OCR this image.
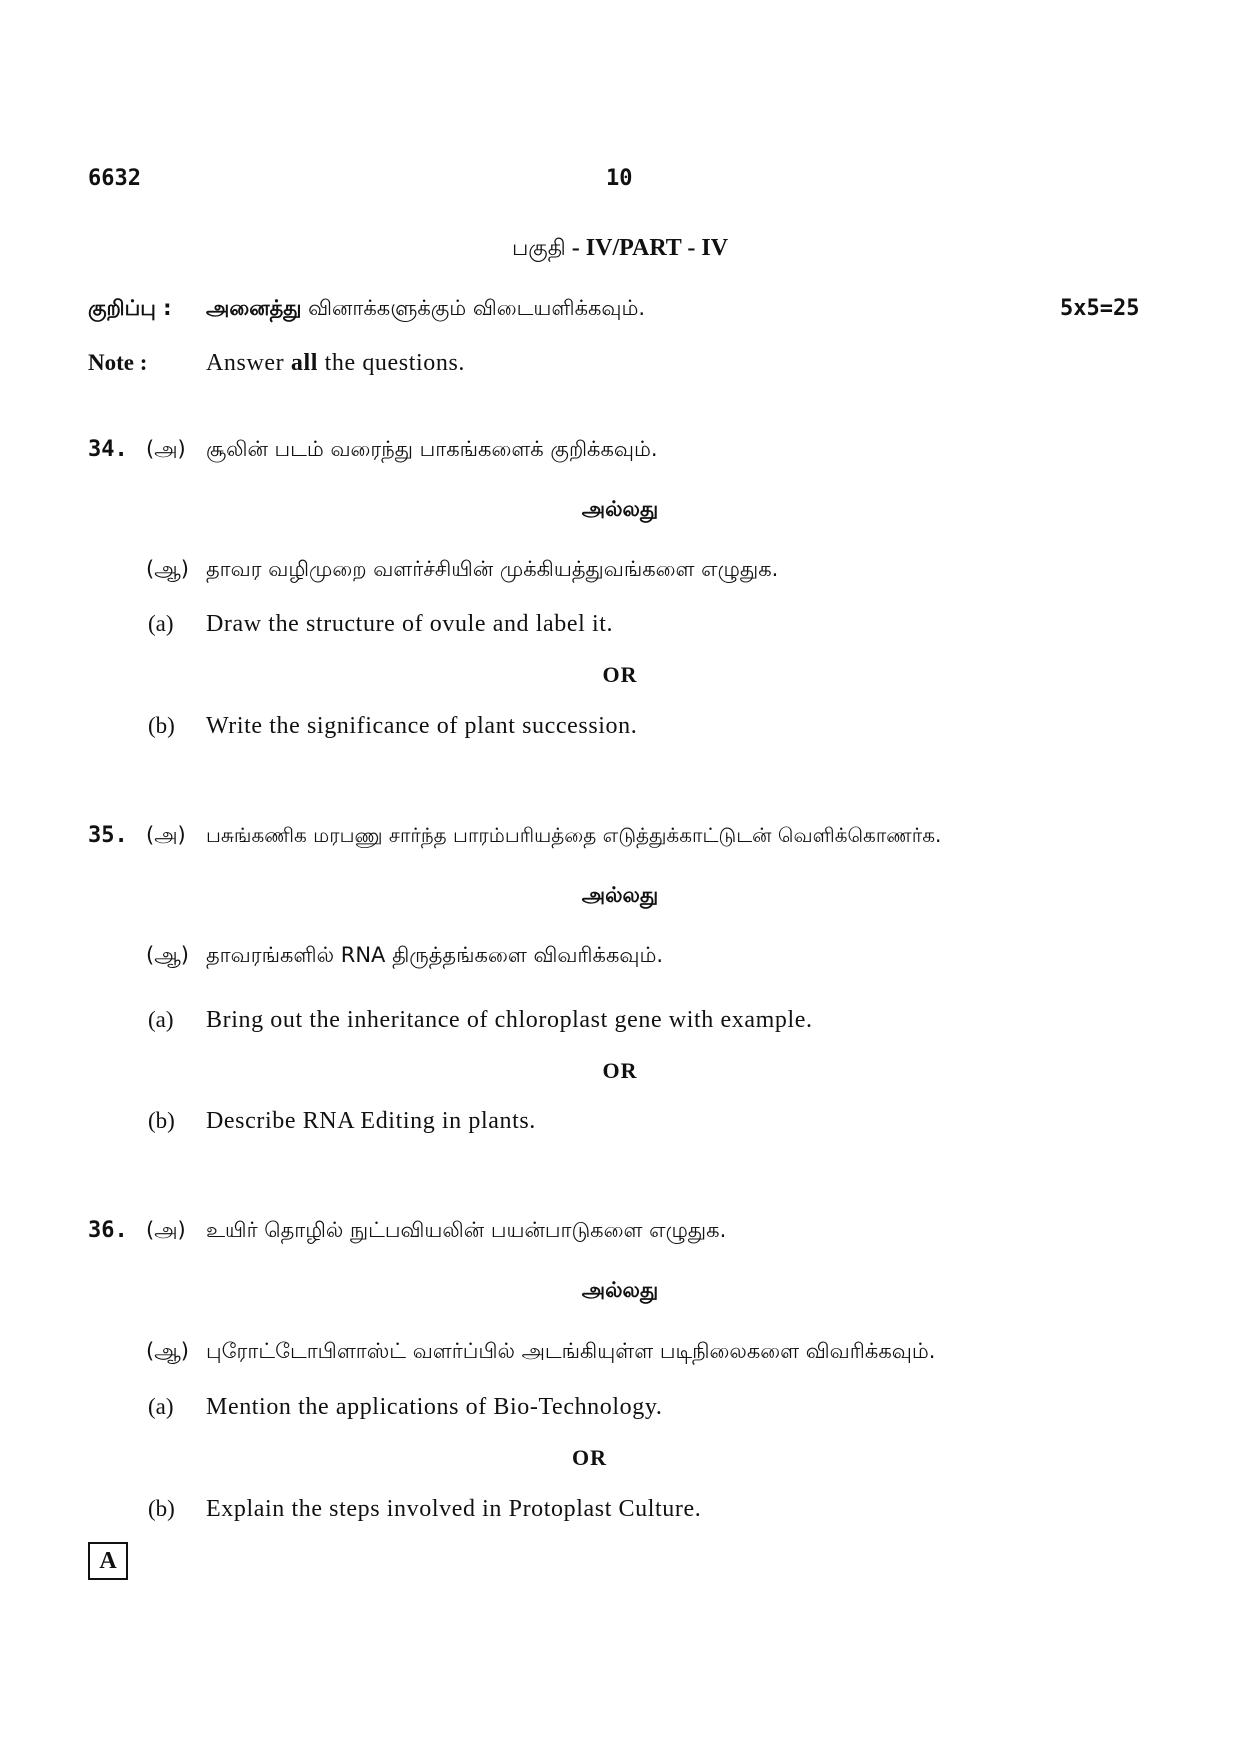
6632	10
பகுதி - IV/PART - IV
குறிப்பு : அனைத்து வினாக்களுக்கும் விடையளிக்கவும்.	5x5=25
Note : Answer all the questions.
34. (அ) சூலின் படம் வரைந்து பாகங்களைக் குறிக்கவும்.
அல்லது
(ஆ) தாவர வழிமுறை வளர்ச்சியின் முக்கியத்துவங்களை எழுதுக.
(a) Draw the structure of ovule and label it.
OR
(b) Write the significance of plant succession.
35. (அ) பசுங்கணிக மரபணு சார்ந்த பாரம்பரியத்தை எடுத்துக்காட்டுடன் வெளிக்கொணர்க.
அல்லது
(ஆ) தாவரங்களில் RNA திருத்தங்களை விவரிக்கவும்.
(a) Bring out the inheritance of chloroplast gene with example.
OR
(b) Describe RNA Editing in plants.
36. (அ) உயிர் தொழில் நுட்பவியலின் பயன்பாடுகளை எழுதுக.
அல்லது
(ஆ) புரோட்டோபிளாஸ்ட் வளர்ப்பில் அடங்கியுள்ள படிநிலைகளை விவரிக்கவும்.
(a) Mention the applications of Bio-Technology.
OR
(b) Explain the steps involved in Protoplast Culture.
A
